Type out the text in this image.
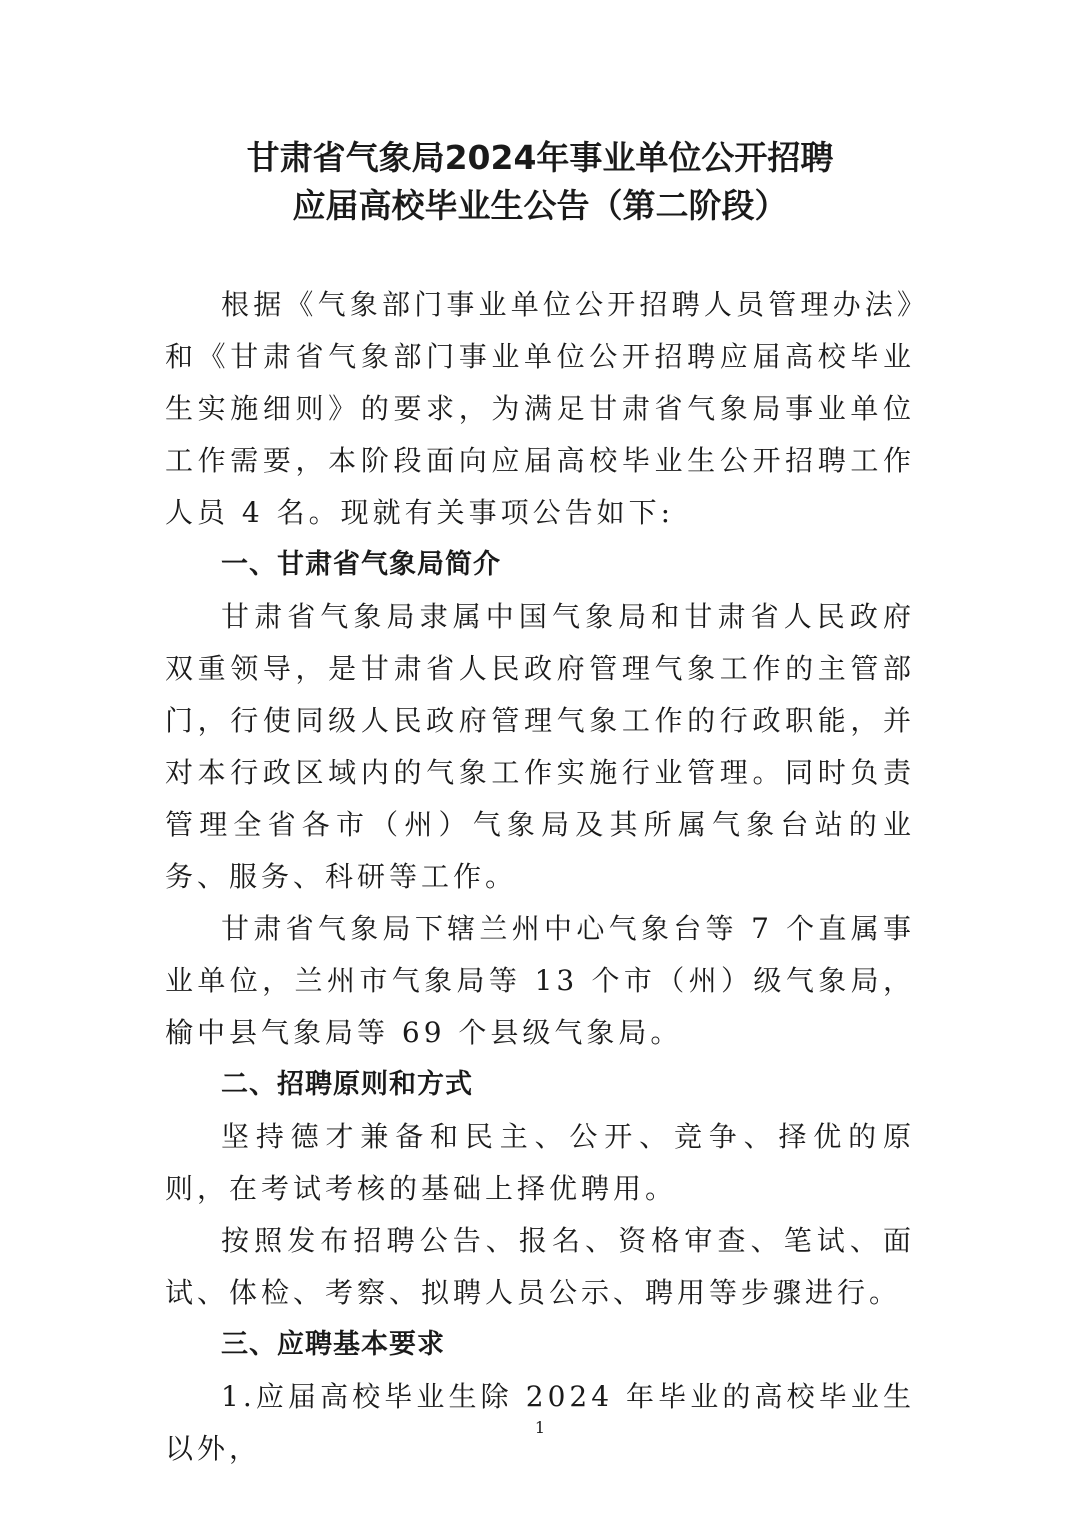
甘肃省气象局2024年事业单位公开招聘
应届高校毕业生公告（第二阶段）

根据《气象部门事业单位公开招聘人员管理办法》和《甘肃省气象部门事业单位公开招聘应届高校毕业生实施细则》的要求，为满足甘肃省气象局事业单位工作需要，本阶段面向应届高校毕业生公开招聘工作人员 4 名。现就有关事项公告如下:

一、甘肃省气象局简介

甘肃省气象局隶属中国气象局和甘肃省人民政府双重领导，是甘肃省人民政府管理气象工作的主管部门，行使同级人民政府管理气象工作的行政职能，并对本行政区域内的气象工作实施行业管理。同时负责管理全省各市（州）气象局及其所属气象台站的业务、服务、科研等工作。

甘肃省气象局下辖兰州中心气象台等 7 个直属事业单位，兰州市气象局等 13 个市（州）级气象局，榆中县气象局等 69 个县级气象局。

二、招聘原则和方式

坚持德才兼备和民主、公开、竞争、择优的原则，在考试考核的基础上择优聘用。

按照发布招聘公告、报名、资格审查、笔试、面试、体检、考察、拟聘人员公示、聘用等步骤进行。

三、应聘基本要求

1.应届高校毕业生除 2024 年毕业的高校毕业生以外，

1
